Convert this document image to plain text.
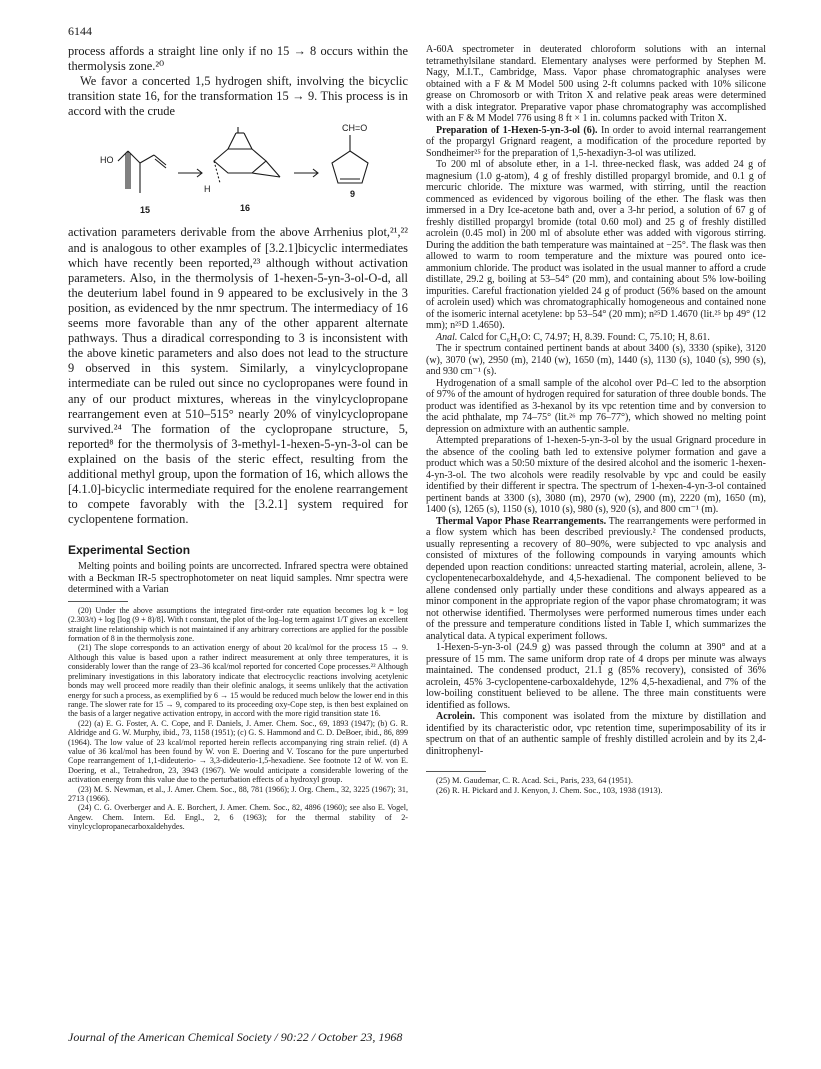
6144

process affords a straight line only if no 15 → 8 occurs within the thermolysis zone.²⁰

We favor a concerted 1,5 hydrogen shift, involving the bicyclic transition state 16, for the transformation 15 → 9. This process is in accord with the crude

HO
H
CH=O
15	16
9

activation parameters derivable from the above Arrhenius plot,²¹,²² and is analogous to other examples of [3.2.1]bicyclic intermediates which have recently been reported,²³ although without activation parameters. Also, in the thermolysis of 1-hexen-5-yn-3-ol-O-d, all the deuterium label found in 9 appeared to be exclusively in the 3 position, as evidenced by the nmr spectrum. The intermediacy of 16 seems more favorable than any of the other apparent alternate pathways. Thus a diradical corresponding to 3 is inconsistent with the above kinetic parameters and also does not lead to the structure 9 observed in this system. Similarly, a vinylcyclopropane intermediate can be ruled out since no cyclopropanes were found in any of our product mixtures, whereas in the vinylcyclopropane rearrangement even at 510–515° nearly 20% of vinylcyclopropane survived.²⁴ The formation of the cyclopropane structure, 5, reported⁸ for the thermolysis of 3-methyl-1-hexen-5-yn-3-ol can be explained on the basis of the steric effect, resulting from the additional methyl group, upon the formation of 16, which allows the [4.1.0]-bicyclic intermediate required for the enolene rearrangement to compete favorably with the [3.2.1] system required for cyclopentene formation.

Experimental Section

Melting points and boiling points are uncorrected. Infrared spectra were obtained with a Beckman IR-5 spectrophotometer on neat liquid samples. Nmr spectra were determined with a Varian

(20) Under the above assumptions the integrated first-order rate equation becomes log k = log (2.303/t) + log [log (9 + 8)/8]. With t constant, the plot of the log–log term against 1/T gives an excellent straight line relationship which is not maintained if any arbitrary corrections are applied for the possible formation of 8 in the thermolysis zone.

(21) The slope corresponds to an activation energy of about 20 kcal/mol for the process 15 → 9. Although this value is based upon a rather indirect measurement at only three temperatures, it is considerably lower than the range of 23–36 kcal/mol reported for concerted Cope processes.²² Although preliminary investigations in this laboratory indicate that electrocyclic reactions involving acetylenic bonds may well proceed more readily than their olefinic analogs, it seems unlikely that the activation energy for such a process, as exemplified by 6 → 15 would be reduced much below the lower end in this range. The slower rate for 15 → 9, compared to its proceeding oxy-Cope step, is then best explained on the basis of a larger negative activation entropy, in accord with the more rigid transition state 16.

(22) (a) E. G. Foster, A. C. Cope, and F. Daniels, J. Amer. Chem. Soc., 69, 1893 (1947); (b) G. R. Aldridge and G. W. Murphy, ibid., 73, 1158 (1951); (c) G. S. Hammond and C. D. DeBoer, ibid., 86, 899 (1964). The low value of 23 kcal/mol reported herein reflects accompanying ring strain relief. (d) A value of 36 kcal/mol has been found by W. von E. Doering and V. Toscano for the pure unperturbed Cope rearrangement of 1,1-dideuterio- → 3,3-dideuterio-1,5-hexadiene. See footnote 12 of W. von E. Doering, et al., Tetrahedron, 23, 3943 (1967). We would anticipate a considerable lowering of the activation energy from this value due to the perturbation effects of a hydroxyl group.

(23) M. S. Newman, et al., J. Amer. Chem. Soc., 88, 781 (1966); J. Org. Chem., 32, 3225 (1967); 31, 2713 (1966).

(24) C. G. Overberger and A. E. Borchert, J. Amer. Chem. Soc., 82, 4896 (1960); see also E. Vogel, Angew. Chem. Intern. Ed. Engl., 2, 6 (1963); for the thermal stability of 2-vinylcyclopropanecarboxaldehydes.

A-60A spectrometer in deuterated chloroform solutions with an internal tetramethylsilane standard. Elementary analyses were performed by Stephen M. Nagy, M.I.T., Cambridge, Mass. Vapor phase chromatographic analyses were obtained with a F & M Model 500 using 2-ft columns packed with 10% silicone grease on Chromosorb or with Triton X and relative peak areas were determined with a disk integrator. Preparative vapor phase chromatography was accomplished with an F & M Model 776 using 8 ft × 1 in. columns packed with Triton X.

Preparation of 1-Hexen-5-yn-3-ol (6). In order to avoid internal rearrangement of the propargyl Grignard reagent, a modification of the procedure reported by Sondheimer²⁵ for the preparation of 1,5-hexadiyn-3-ol was utilized.

To 200 ml of absolute ether, in a 1-l. three-necked flask, was added 24 g of magnesium (1.0 g-atom), 4 g of freshly distilled propargyl bromide, and 0.1 g of mercuric chloride. The mixture was warmed, with stirring, until the reaction commenced as evidenced by vigorous boiling of the ether. The flask was then immersed in a Dry Ice-acetone bath and, over a 3-hr period, a solution of 67 g of freshly distilled propargyl bromide (total 0.60 mol) and 25 g of freshly distilled acrolein (0.45 mol) in 200 ml of absolute ether was added with vigorous stirring. During the addition the bath temperature was maintained at −25°. The flask was then allowed to warm to room temperature and the mixture was poured onto ice-ammonium chloride. The product was isolated in the usual manner to afford a crude distillate, 29.2 g, boiling at 53–54° (20 mm), and containing about 5% low-boiling impurities. Careful fractionation yielded 24 g of product (56% based on the amount of acrolein used) which was chromatographically homogeneous and contained none of the isomeric internal acetylene: bp 53–54° (20 mm); n²⁵D 1.4670 (lit.²⁵ bp 49° (12 mm); n²⁵D 1.4650).

Anal. Calcd for C₆H₈O: C, 74.97; H, 8.39. Found: C, 75.10; H, 8.61.

The ir spectrum contained pertinent bands at about 3400 (s), 3330 (spike), 3120 (w), 3070 (w), 2950 (m), 2140 (w), 1650 (m), 1440 (s), 1130 (s), 1040 (s), 990 (s), and 930 cm⁻¹ (s).

Hydrogenation of a small sample of the alcohol over Pd–C led to the absorption of 97% of the amount of hydrogen required for saturation of three double bonds. The product was identified as 3-hexanol by its vpc retention time and by conversion to the acid phthalate, mp 74–75° (lit.²⁶ mp 76–77°), which showed no melting point depression on admixture with an authentic sample.

Attempted preparations of 1-hexen-5-yn-3-ol by the usual Grignard procedure in the absence of the cooling bath led to extensive polymer formation and gave a product which was a 50:50 mixture of the desired alcohol and the isomeric 1-hexen-4-yn-3-ol. The two alcohols were readily resolvable by vpc and could be easily identified by their different ir spectra. The spectrum of 1-hexen-4-yn-3-ol contained pertinent bands at 3300 (s), 3080 (m), 2970 (w), 2900 (m), 2220 (m), 1650 (m), 1400 (s), 1265 (s), 1150 (s), 1010 (s), 980 (s), 920 (s), and 800 cm⁻¹ (m).

Thermal Vapor Phase Rearrangements. The rearrangements were performed in a flow system which has been described previously.² The condensed products, usually representing a recovery of 80–90%, were subjected to vpc analysis and consisted of mixtures of the following compounds in varying amounts which depended upon reaction conditions: unreacted starting material, acrolein, allene, 3-cyclopentenecarboxaldehyde, and 4,5-hexadienal. The component believed to be allene condensed only partially under these conditions and always appeared as a minor component in the appropriate region of the vapor phase chromatogram; it was not otherwise identified. Thermolyses were performed numerous times under each of the pressure and temperature conditions listed in Table I, which summarizes the analytical data. A typical experiment follows.

1-Hexen-5-yn-3-ol (24.9 g) was passed through the column at 390° and at a pressure of 15 mm. The same uniform drop rate of 4 drops per minute was always maintained. The condensed product, 21.1 g (85% recovery), consisted of 36% acrolein, 45% 3-cyclopentene-carboxaldehyde, 12% 4,5-hexadienal, and 7% of the low-boiling constituent believed to be allene. The three main constituents were identified as follows.

Acrolein. This component was isolated from the mixture by distillation and identified by its characteristic odor, vpc retention time, superimposability of its ir spectrum on that of an authentic sample of freshly distilled acrolein and by its 2,4-dinitrophenyl-

(25) M. Gaudemar, C. R. Acad. Sci., Paris, 233, 64 (1951).

(26) R. H. Pickard and J. Kenyon, J. Chem. Soc., 103, 1938 (1913).

Journal of the American Chemical Society / 90:22 / October 23, 1968
